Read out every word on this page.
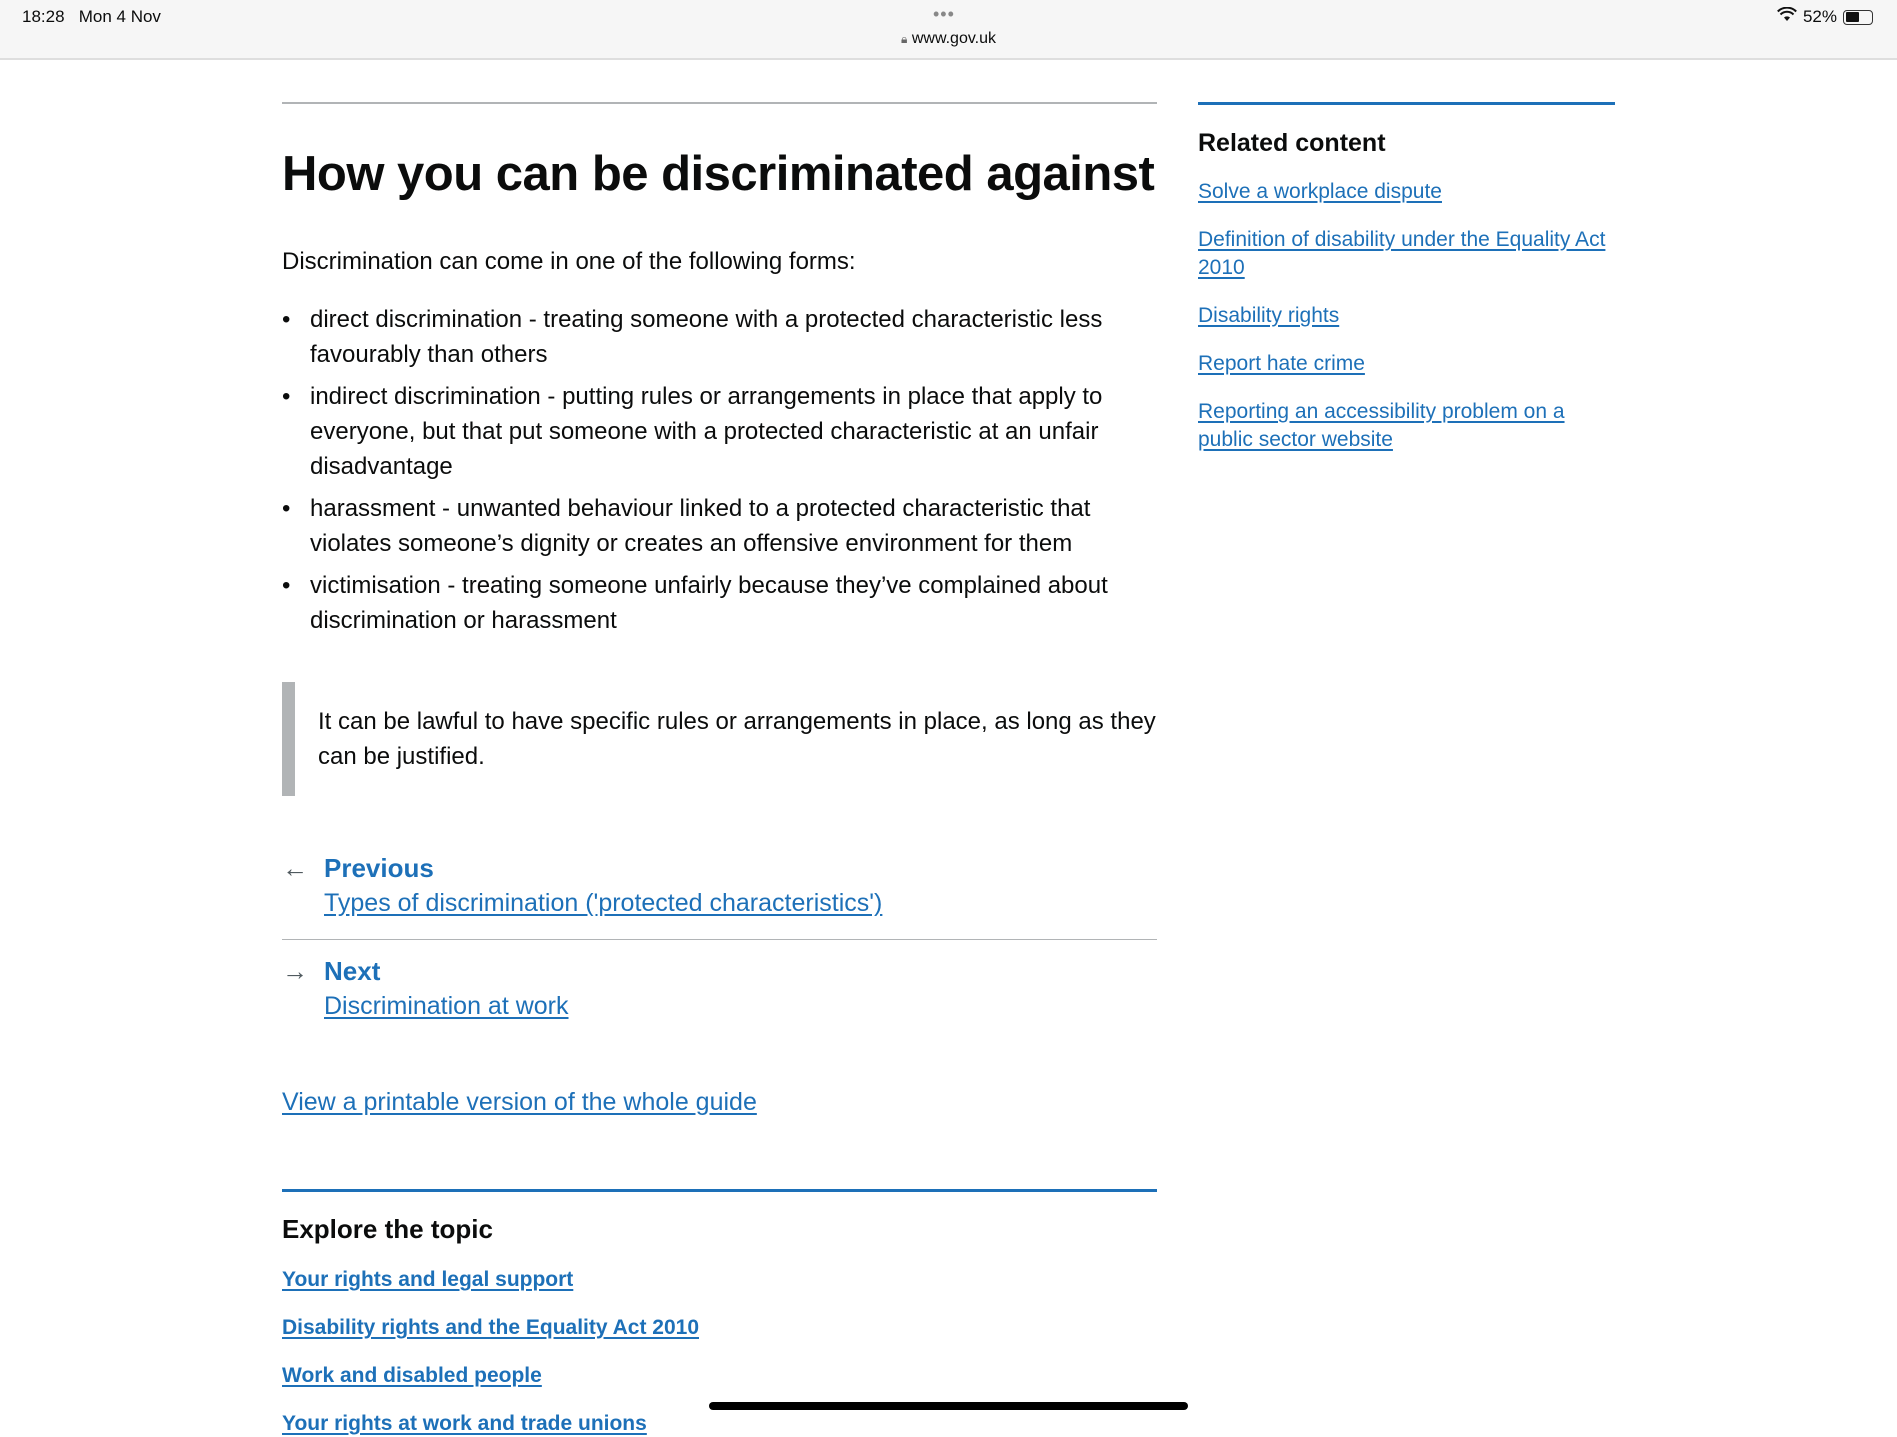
18:28 Mon 4 Nov	•••
🔒︎ www.gov.uk
52%
How you can be discriminated against

Discrimination can come in one of the following forms:

• direct discrimination - treating someone with a protected characteristic less favourably than others
• indirect discrimination - putting rules or arrangements in place that apply to everyone, but that put someone with a protected characteristic at an unfair disadvantage
• harassment - unwanted behaviour linked to a protected characteristic that violates someone’s dignity or creates an offensive environment for them
• victimisation - treating someone unfairly because they’ve complained about discrimination or harassment
It can be lawful to have specific rules or arrangements in place, as long as they can be justified.
← Previous
Types of discrimination ('protected characteristics')
→ Next
Discrimination at work
View a printable version of the whole guide
Explore the topic
Your rights and legal support
Disability rights and the Equality Act 2010
Work and disabled people
Your rights at work and trade unions
Related content
Solve a workplace dispute
Definition of disability under the Equality Act 2010
Disability rights
Report hate crime
Reporting an accessibility problem on a public sector website
